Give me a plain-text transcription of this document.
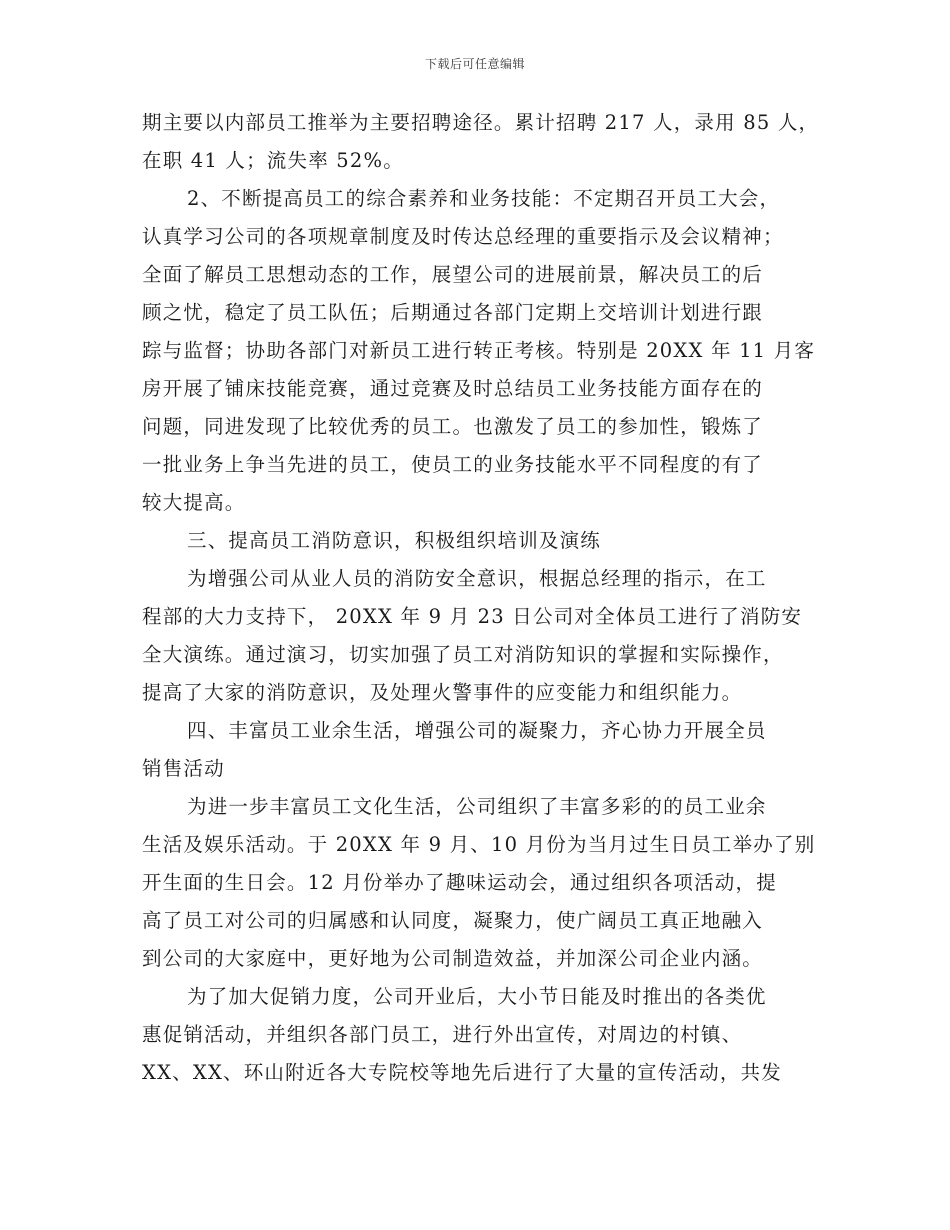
下载后可任意编辑
期主要以内部员工推举为主要招聘途径。累计招聘 217 人，录用 85 人，
在职 41 人；流失率 52%。
2、不断提高员工的综合素养和业务技能：不定期召开员工大会，
认真学习公司的各项规章制度及时传达总经理的重要指示及会议精神；
全面了解员工思想动态的工作，展望公司的进展前景，解决员工的后
顾之忧，稳定了员工队伍；后期通过各部门定期上交培训计划进行跟
踪与监督；协助各部门对新员工进行转正考核。特别是 20XX 年 11 月客
房开展了铺床技能竞赛，通过竞赛及时总结员工业务技能方面存在的
问题，同进发现了比较优秀的员工。也激发了员工的参加性，锻炼了
一批业务上争当先进的员工，使员工的业务技能水平不同程度的有了
较大提高。
三、提高员工消防意识，积极组织培训及演练
为增强公司从业人员的消防安全意识，根据总经理的指示，在工
程部的大力支持下， 20XX 年 9 月 23 日公司对全体员工进行了消防安
全大演练。通过演习，切实加强了员工对消防知识的掌握和实际操作，
提高了大家的消防意识，及处理火警事件的应变能力和组织能力。
四、丰富员工业余生活，增强公司的凝聚力，齐心协力开展全员
销售活动
为进一步丰富员工文化生活，公司组织了丰富多彩的的员工业余
生活及娱乐活动。于 20XX 年 9 月、10 月份为当月过生日员工举办了别
开生面的生日会。12 月份举办了趣味运动会，通过组织各项活动，提
高了员工对公司的归属感和认同度，凝聚力，使广阔员工真正地融入
到公司的大家庭中，更好地为公司制造效益，并加深公司企业内涵。
为了加大促销力度，公司开业后，大小节日能及时推出的各类优
惠促销活动，并组织各部门员工，进行外出宣传，对周边的村镇、
XX、XX、环山附近各大专院校等地先后进行了大量的宣传活动，共发
